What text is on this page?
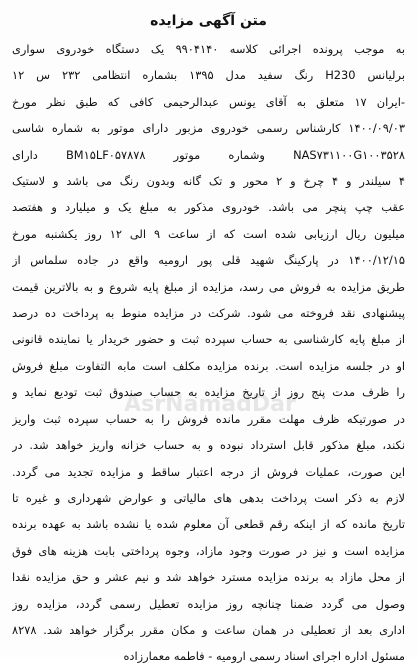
متن آگهی مزایده
به موجب پرونده اجرائی کلاسه ۹۹۰۴۱۴۰ یک دستگاه خودروی سواری
برلیانس H230 رنگ سفید مدل ۱۳۹۵ بشماره انتظامی ۲۳۲ س ۱۲
-ایران ۱۷ متعلق به آقای یونس عبدالرحیمی کافی که طبق نظر مورخ
۱۴۰۰/۰۹/۰۳ کارشناس رسمی خودروی مزبور دارای موتور به شماره شاسی
NAS۷۳۱۱۰۰G۱۰۰۳۵۲۸ وشماره موتور BM۱۵LF۰۵۷۸۷۸ دارای
۴ سیلندر و ۴ چرخ و ۲ محور و تک گانه وبدون رنگ می باشد و لاستیک
عقب چپ پنچر می باشد. خودروی مذکور به مبلغ یک و میلیارد و هفتصد
میلیون ریال ارزیابی شده است که از ساعت ۹ الی ۱۲ روز یکشنبه مورخ
۱۴۰۰/۱۲/۱۵ در پارکینگ شهید قلی پور ارومیه واقع در جاده سلماس از
طریق مزایده به فروش می رسد، مزایده از مبلغ پایه شروع و به بالاترین قیمت
پیشنهادی نقد فروخته می شود. شرکت در مزایده منوط به پرداخت ده درصد
از مبلغ پایه کارشناسی به حساب سپرده ثبت و حضور خریدار یا نماینده قانونی
او در جلسه مزایده است. برنده مزایده مکلف است مابه التفاوت مبلغ فروش
را ظرف مدت پنج روز از تاریخ مزایده به حساب صندوق ثبت تودیع نماید و
در صورتیکه ظرف مهلت مقرر مانده فروش را به حساب سپرده ثبت واریز
نکند، مبلغ مذکور قابل استرداد نبوده و به حساب خزانه واریز خواهد شد. در
این صورت، عملیات فروش از درجه اعتبار ساقط و مزایده تجدید می گردد.
لازم به ذکر است پرداخت بدهی های مالیاتی و عوارض شهرداری و غیره تا
تاریخ مانده که از اینکه رقم قطعی آن معلوم شده یا نشده باشد به عهده برنده
مزایده است و نیز در صورت وجود مازاد، وجوه پرداختی بابت هزینه های فوق
از محل مازاد به برنده مزایده مسترد خواهد شد و نیم عشر و حق مزایده نقدا
وصول می گردد ضمنا چنانچه روز مزایده تعطیل رسمی گردد، مزایده روز
اداری بعد از تعطیلی در همان ساعت و مکان مقرر برگزار خواهد شد. ۸۲۷۸
مسئول اداره اجرای اسناد رسمی ارومیه - فاطمه معمارزاده
AsrNamadDar
